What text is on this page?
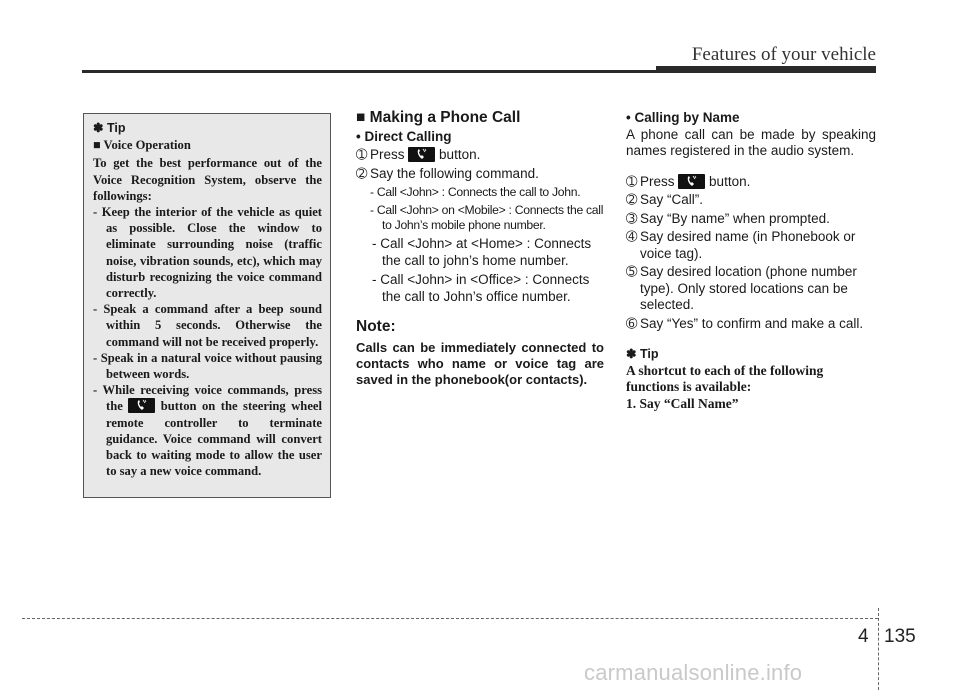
Features of your vehicle
✽ Tip
■ Voice Operation
To get the best performance out of the Voice Recognition System, observe the followings:
- Keep the interior of the vehicle as quiet as possible. Close the window to eliminate surrounding noise (traffic noise, vibration sounds, etc), which may disturb recognizing the voice command correctly.
- Speak a command after a beep sound within 5 seconds. Otherwise the command will not be received properly.
- Speak in a natural voice without pausing between words.
- While receiving voice commands, press the	button on the steering wheel remote controller to terminate guidance. Voice command will convert back to waiting mode to allow the user to say a new voice command.
■ Making a Phone Call
• Direct Calling
➀ Press	button.
➁ Say the following command.
- Call <John> : Connects the call to John.
- Call <John> on <Mobile> : Connects the call to John’s mobile phone number.
- Call <John> at <Home> : Connects the call to john’s home number.
- Call <John> in <Office> : Connects the call to John’s office number.
Note:
Calls can be immediately connected to contacts who name or voice tag are saved in the phonebook(or contacts).
• Calling by Name
A phone call can be made by speaking names registered in the audio system.
➀ Press	button.
➁ Say “Call”.
➂ Say “By name” when prompted.
➃ Say desired name (in Phonebook or voice tag).
➄ Say desired location (phone number type). Only stored locations can be selected.
➅ Say “Yes” to confirm and make a call.
✽ Tip
A shortcut to each of the following functions is available:
1. Say “Call Name”
4 135
carmanualsonline.info
